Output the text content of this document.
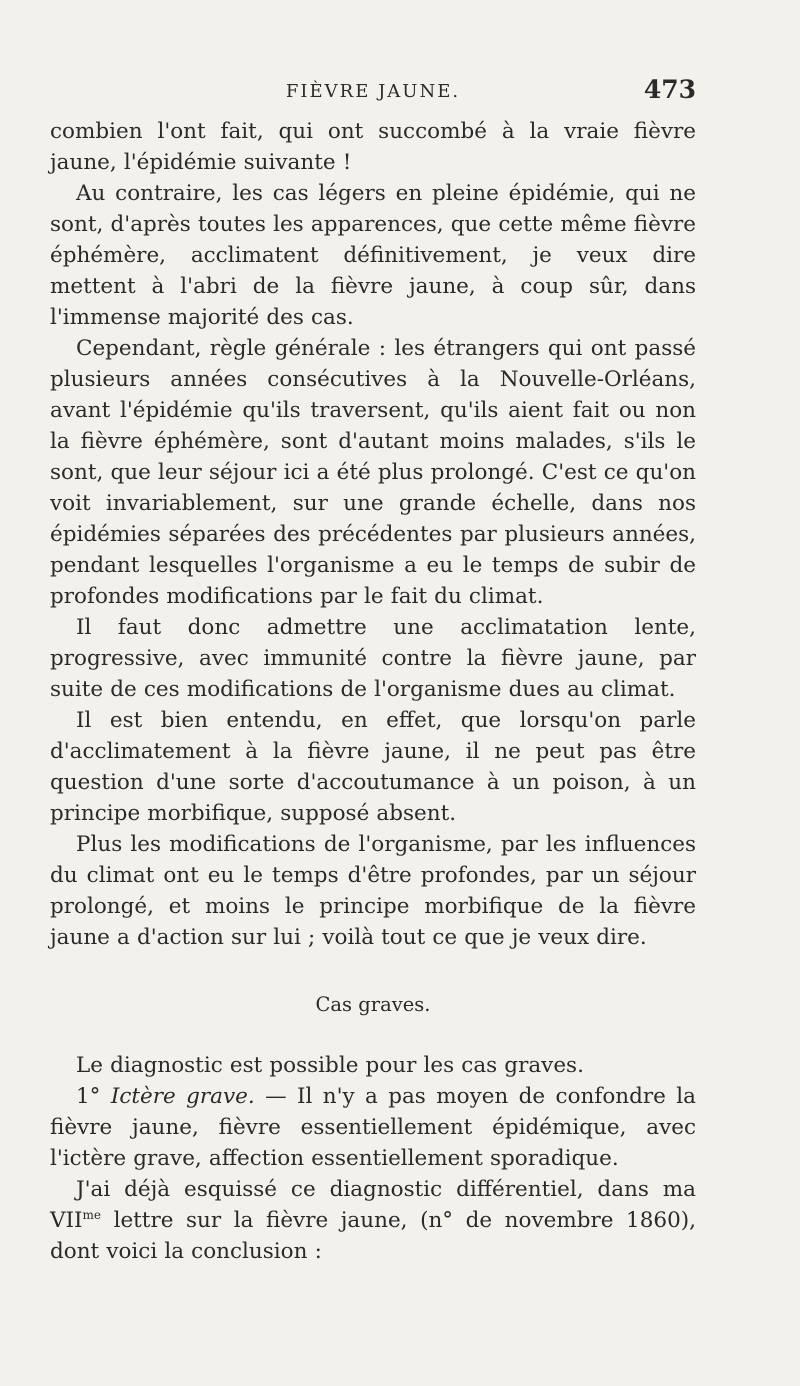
FIÈVRE JAUNE.	473

combien l'ont fait, qui ont succombé à la vraie fièvre jaune, l'épidémie suivante !

Au contraire, les cas légers en pleine épidémie, qui ne sont, d'après toutes les apparences, que cette même fièvre éphémère, acclimatent définitivement, je veux dire mettent à l'abri de la fièvre jaune, à coup sûr, dans l'immense majorité des cas.

Cependant, règle générale : les étrangers qui ont passé plusieurs années consécutives à la Nouvelle-Orléans, avant l'épidémie qu'ils traversent, qu'ils aient fait ou non la fièvre éphémère, sont d'autant moins malades, s'ils le sont, que leur séjour ici a été plus prolongé. C'est ce qu'on voit invariablement, sur une grande échelle, dans nos épidémies séparées des précédentes par plusieurs années, pendant lesquelles l'organisme a eu le temps de subir de profondes modifications par le fait du climat.

Il faut donc admettre une acclimatation lente, progressive, avec immunité contre la fièvre jaune, par suite de ces modifications de l'organisme dues au climat.

Il est bien entendu, en effet, que lorsqu'on parle d'acclimatement à la fièvre jaune, il ne peut pas être question d'une sorte d'accoutumance à un poison, à un principe morbifique, supposé absent.

Plus les modifications de l'organisme, par les influences du climat ont eu le temps d'être profondes, par un séjour prolongé, et moins le principe morbifique de la fièvre jaune a d'action sur lui ; voilà tout ce que je veux dire.

Cas graves.

Le diagnostic est possible pour les cas graves.

1° Ictère grave. — Il n'y a pas moyen de confondre la fièvre jaune, fièvre essentiellement épidémique, avec l'ictère grave, affection essentiellement sporadique.

J'ai déjà esquissé ce diagnostic différentiel, dans ma $VII^{me}$ lettre sur la fièvre jaune, (n° de novembre 1860), dont voici la conclusion :
